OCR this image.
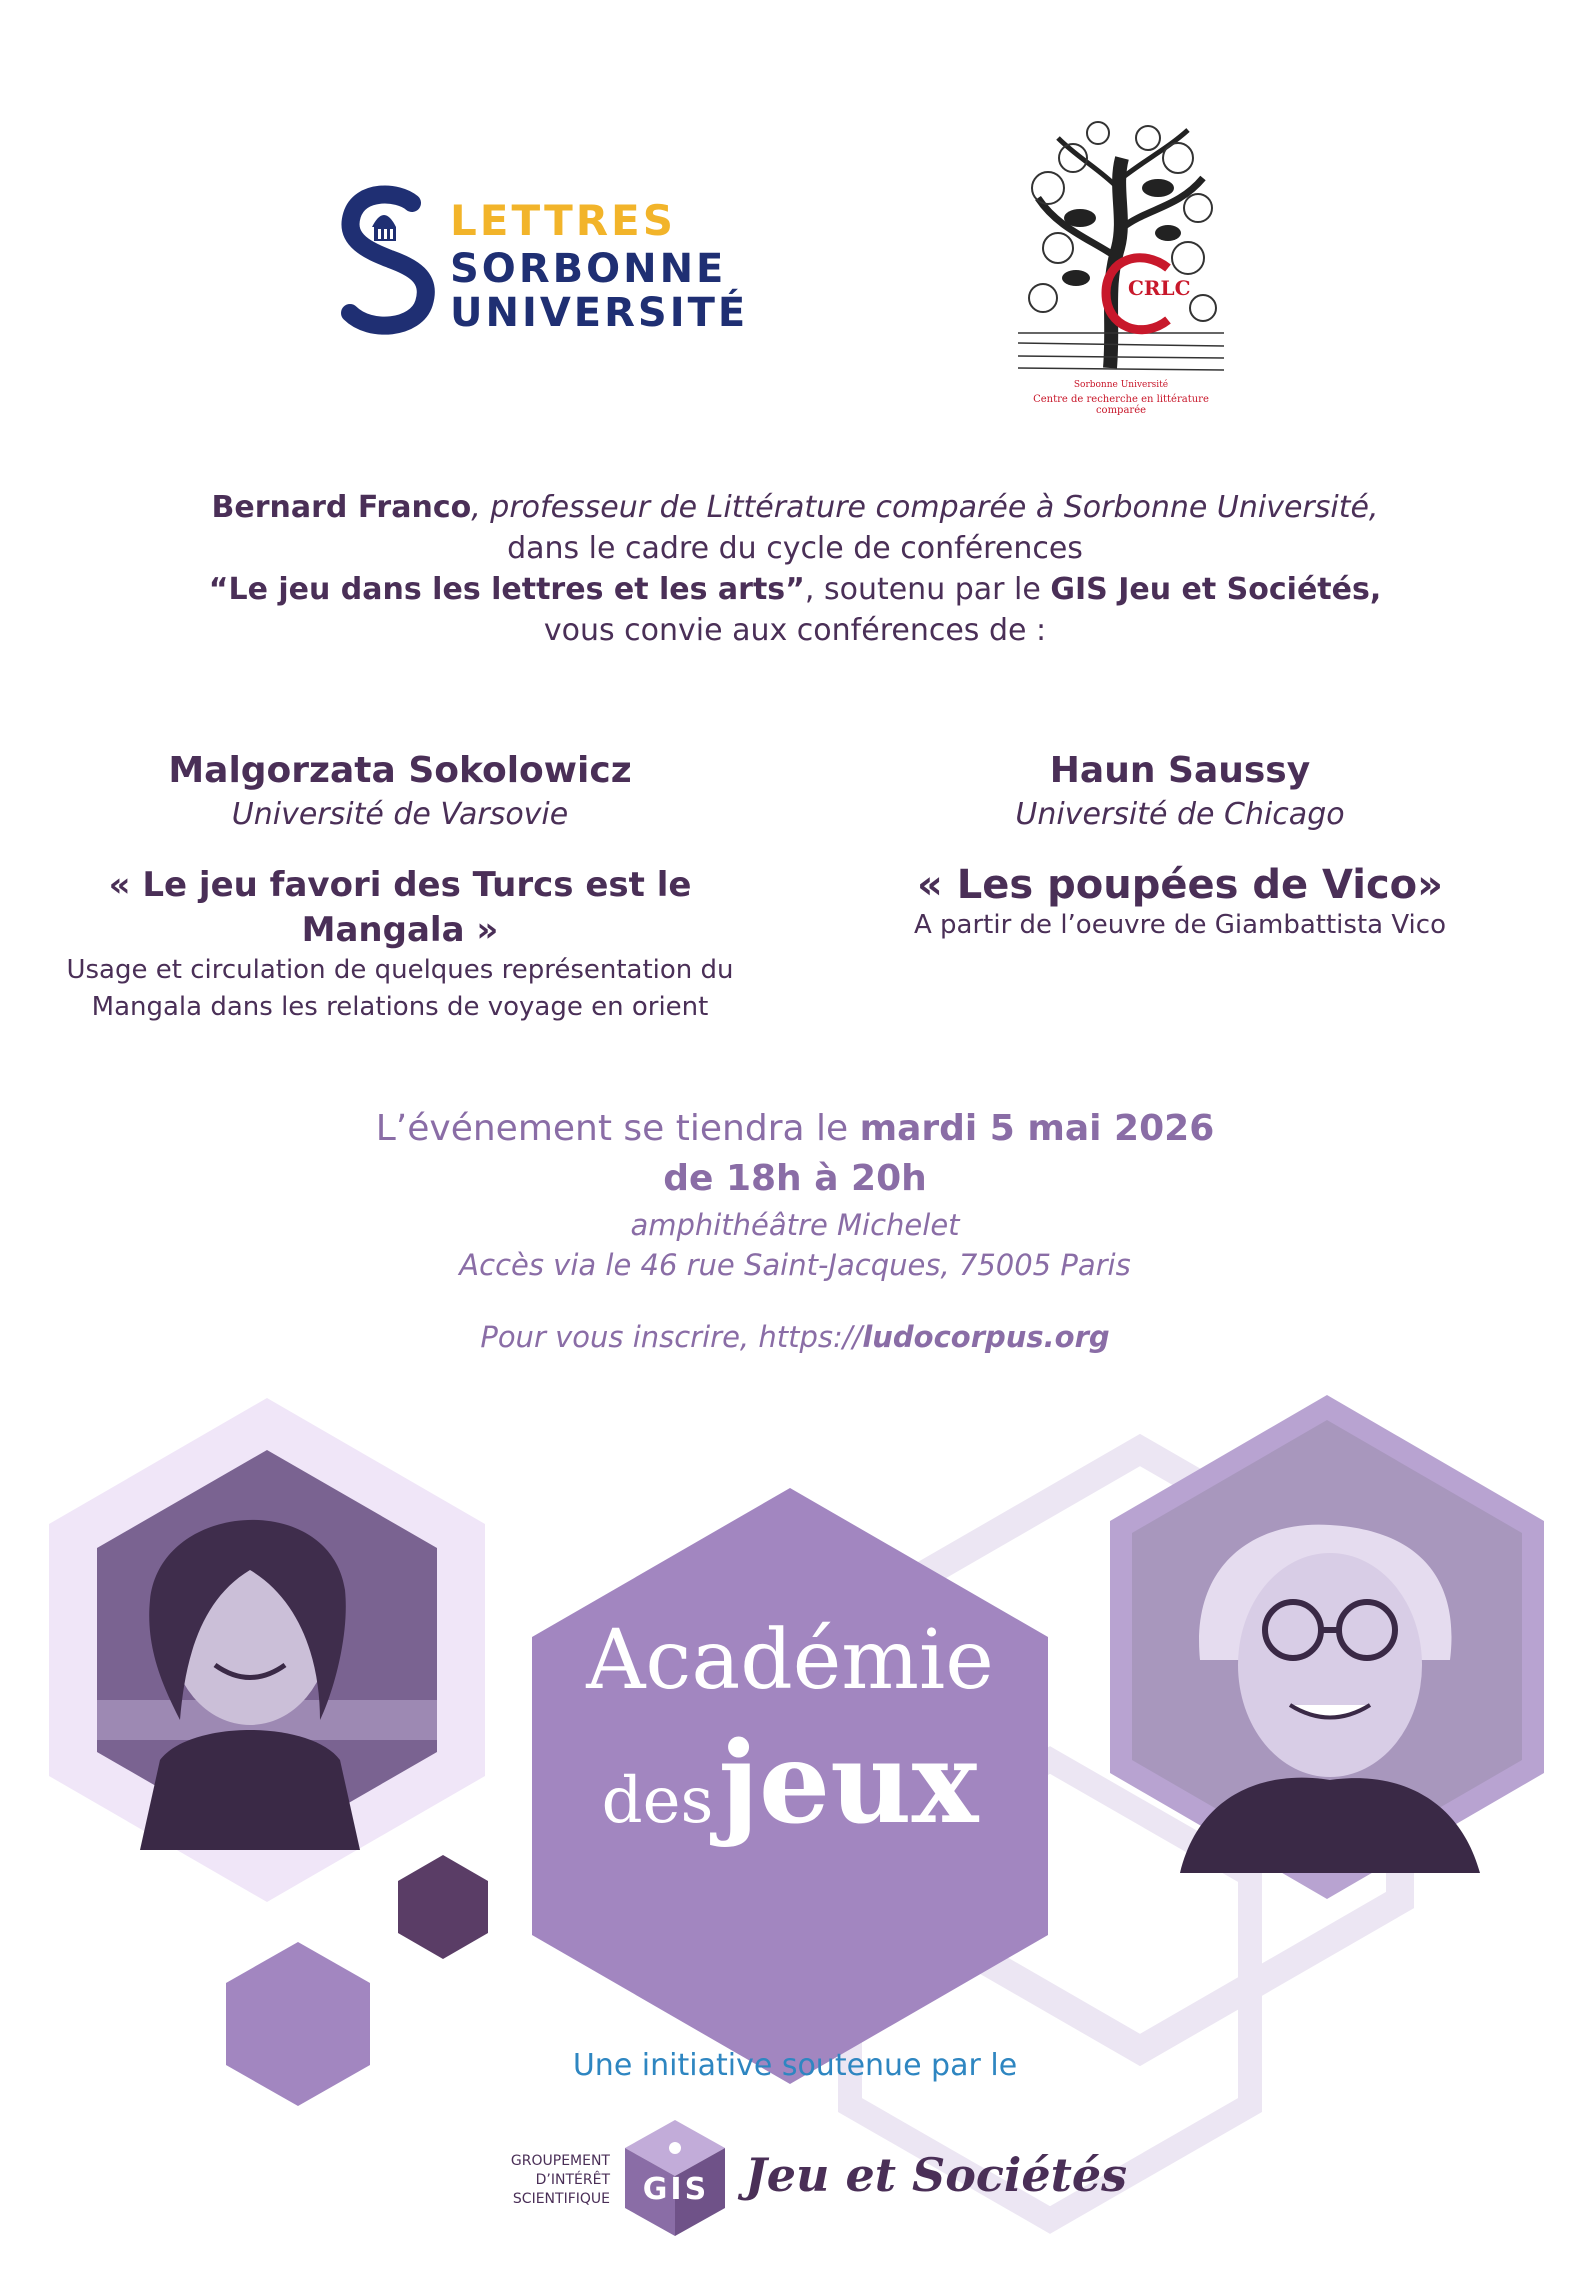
LETTRES
SORBONNE
UNIVERSITÉ
CRLC
Sorbonne Université
Centre de recherche en littérature comparée
Bernard Franco, professeur de Littérature comparée à Sorbonne Université,
dans le cadre du cycle de conférences
“Le jeu dans les lettres et les arts”, soutenu par le GIS Jeu et Sociétés,
vous convie aux conférences de :
Malgorzata Sokolowicz
Université de Varsovie
« Le jeu favori des Turcs est le
Mangala »
Usage et circulation de quelques représentation du
Mangala dans les relations de voyage en orient
Haun Saussy
Université de Chicago
« Les poupées de Vico»
A partir de l’oeuvre de Giambattista Vico
L’événement se tiendra le mardi 5 mai 2026
de 18h à 20h
amphithéâtre Michelet
Accès via le 46 rue Saint-Jacques, 75005 Paris
Pour vous inscrire, https://ludocorpus.org
Académie
des jeux
Une initiative soutenue par le
GROUPEMENT
D’INTÉRÊT
SCIENTIFIQUE GIS Jeu et Sociétés
